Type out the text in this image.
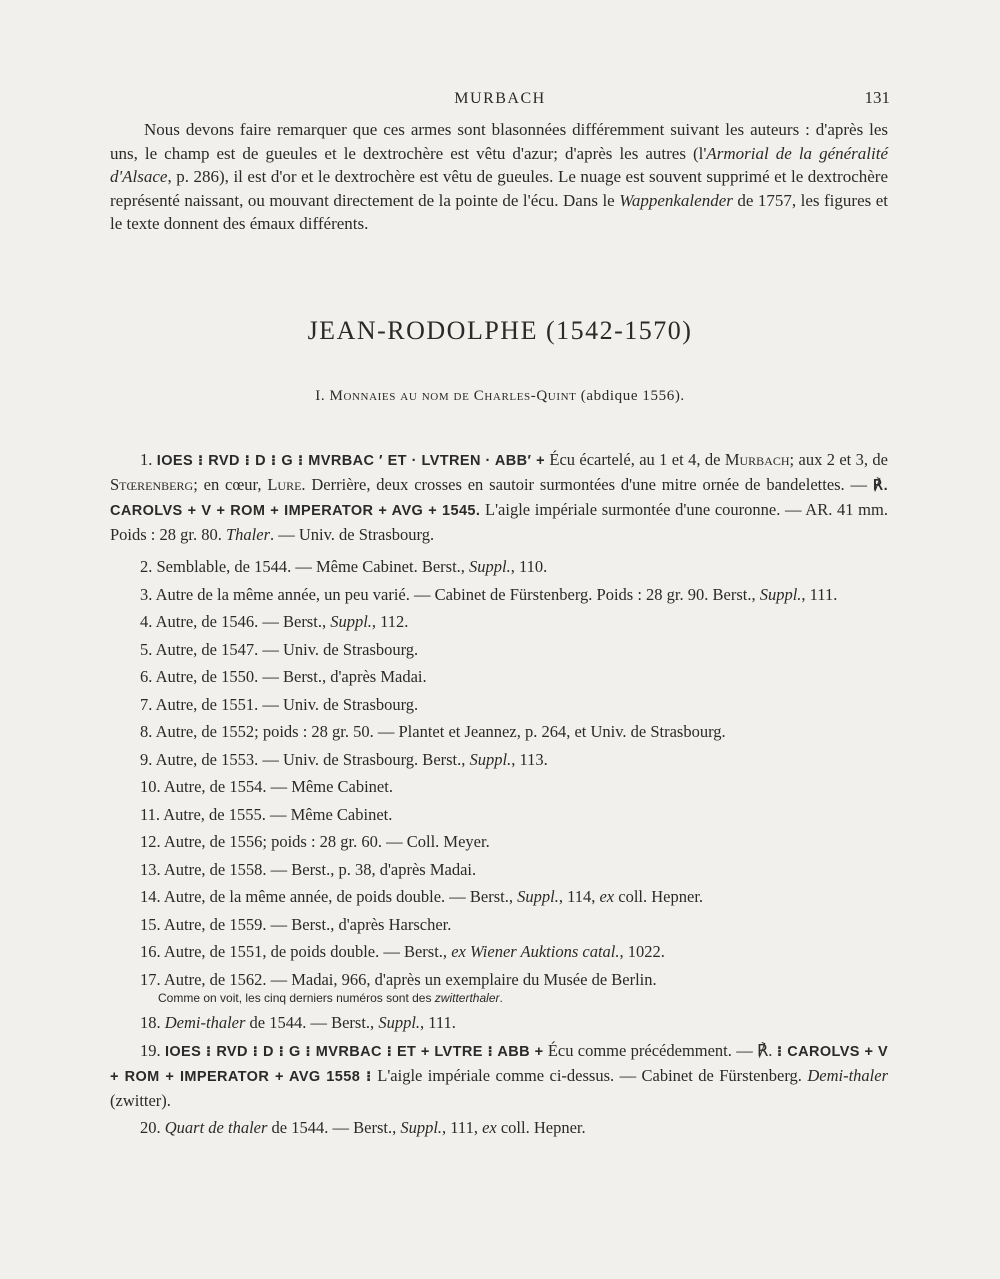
MURBACH	131

Nous devons faire remarquer que ces armes sont blasonnées différemment suivant les auteurs : d'après les uns, le champ est de gueules et le dextrochère est vêtu d'azur; d'après les autres (l'Armorial de la généralité d'Alsace, p. 286), il est d'or et le dextrochère est vêtu de gueules. Le nuage est souvent supprimé et le dextrochère représenté naissant, ou mouvant directement de la pointe de l'écu. Dans le Wappenkalender de 1757, les figures et le texte donnent des émaux différents.

JEAN-RODOLPHE (1542-1570)
I. Monnaies au nom de Charles-Quint (abdique 1556).

1. IOES ⁝ RVD ⁝ D ⁝ G ⁝ MVRBAC ′ ET · LVTREN · ABB′ + Écu écartelé, au 1 et 4, de Murbach; aux 2 et 3, de Stœrenberg; en cœur, Lure. Derrière, deux crosses en sautoir surmontées d'une mitre ornée de bandelettes. — ℟. CAROLVS + V + ROM + IMPERATOR + AVG + 1545. L'aigle impériale surmontée d'une couronne. — AR. 41 mm. Poids : 28 gr. 80. Thaler. — Univ. de Strasbourg.

2. Semblable, de 1544. — Même Cabinet. Berst., Suppl., 110.

3. Autre de la même année, un peu varié. — Cabinet de Fürstenberg. Poids : 28 gr. 90. Berst., Suppl., 111.

4. Autre, de 1546. — Berst., Suppl., 112.

5. Autre, de 1547. — Univ. de Strasbourg.

6. Autre, de 1550. — Berst., d'après Madai.

7. Autre, de 1551. — Univ. de Strasbourg.

8. Autre, de 1552; poids : 28 gr. 50. — Plantet et Jeannez, p. 264, et Univ. de Strasbourg.

9. Autre, de 1553. — Univ. de Strasbourg. Berst., Suppl., 113.

10. Autre, de 1554. — Même Cabinet.

11. Autre, de 1555. — Même Cabinet.

12. Autre, de 1556; poids : 28 gr. 60. — Coll. Meyer.

13. Autre, de 1558. — Berst., p. 38, d'après Madai.

14. Autre, de la même année, de poids double. — Berst., Suppl., 114, ex coll. Hepner.

15. Autre, de 1559. — Berst., d'après Harscher.

16. Autre, de 1551, de poids double. — Berst., ex Wiener Auktions catal., 1022.

17. Autre, de 1562. — Madai, 966, d'après un exemplaire du Musée de Berlin.

Comme on voit, les cinq derniers numéros sont des zwitterthaler.

18. Demi-thaler de 1544. — Berst., Suppl., 111.

19. IOES ⁝ RVD ⁝ D ⁝ G ⁝ MVRBAC ⁝ ET + LVTRE ⁝ ABB + Écu comme précédemment. — ℟. ⁝ CAROLVS + V + ROM + IMPERATOR + AVG 1558 ⁝ L'aigle impériale comme ci-dessus. — Cabinet de Fürstenberg. Demi-thaler (zwitter).

20. Quart de thaler de 1544. — Berst., Suppl., 111, ex coll. Hepner.
